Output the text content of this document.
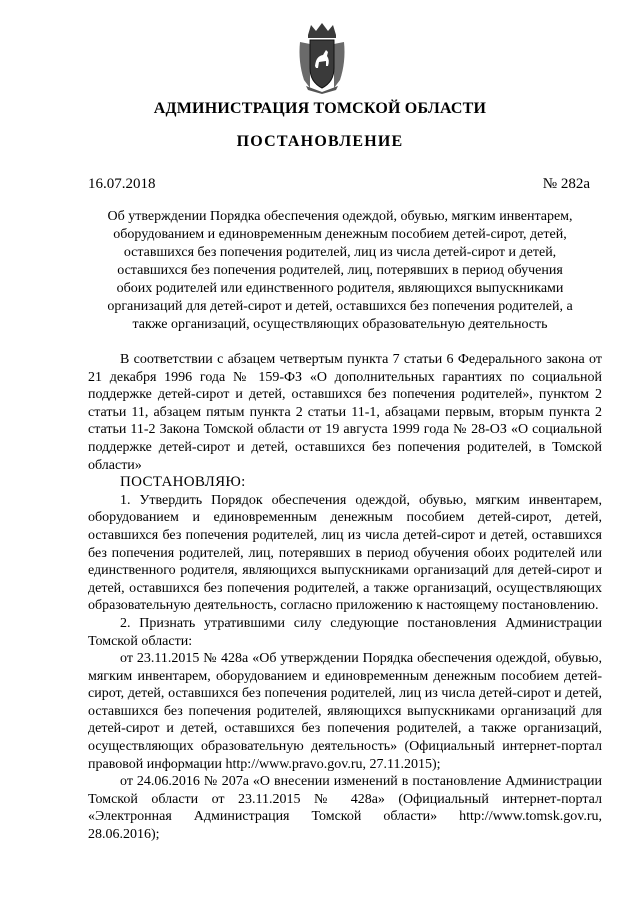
АДМИНИСТРАЦИЯ ТОМСКОЙ ОБЛАСТИ
ПОСТАНОВЛЕНИЕ
16.07.2018	№ 282а
Об утверждении Порядка обеспечения одеждой, обувью, мягким инвентарем, оборудованием и единовременным денежным пособием детей-сирот, детей, оставшихся без попечения родителей, лиц из числа детей-сирот и детей, оставшихся без попечения родителей, лиц, потерявших в период обучения обоих родителей или единственного родителя, являющихся выпускниками организаций для детей-сирот и детей, оставшихся без попечения родителей, а также организаций, осуществляющих образовательную деятельность

В соответствии с абзацем четвертым пункта 7 статьи 6 Федерального закона от 21 декабря 1996 года № 159-ФЗ «О дополнительных гарантиях по социальной поддержке детей-сирот и детей, оставшихся без попечения родителей», пунктом 2 статьи 11, абзацем пятым пункта 2 статьи 11-1, абзацами первым, вторым пункта 2 статьи 11-2 Закона Томской области от 19 августа 1999 года № 28-ОЗ «О социальной поддержке детей-сирот и детей, оставшихся без попечения родителей, в Томской области»

ПОСТАНОВЛЯЮ:

1. Утвердить Порядок обеспечения одеждой, обувью, мягким инвентарем, оборудованием и единовременным денежным пособием детей-сирот, детей, оставшихся без попечения родителей, лиц из числа детей-сирот и детей, оставшихся без попечения родителей, лиц, потерявших в период обучения обоих родителей или единственного родителя, являющихся выпускниками организаций для детей-сирот и детей, оставшихся без попечения родителей, а также организаций, осуществляющих образовательную деятельность, согласно приложению к настоящему постановлению.

2. Признать утратившими силу следующие постановления Администрации Томской области:

от 23.11.2015 № 428а «Об утверждении Порядка обеспечения одеждой, обувью, мягким инвентарем, оборудованием и единовременным денежным пособием детей-сирот, детей, оставшихся без попечения родителей, лиц из числа детей-сирот и детей, оставшихся без попечения родителей, являющихся выпускниками организаций для детей-сирот и детей, оставшихся без попечения родителей, а также организаций, осуществляющих образовательную деятельность» (Официальный интернет-портал правовой информации http://www.pravo.gov.ru, 27.11.2015);

от 24.06.2016 № 207а «О внесении изменений в постановление Администрации Томской области от 23.11.2015 № 428а» (Официальный интернет-портал «Электронная Администрация Томской области» http://www.tomsk.gov.ru, 28.06.2016);
